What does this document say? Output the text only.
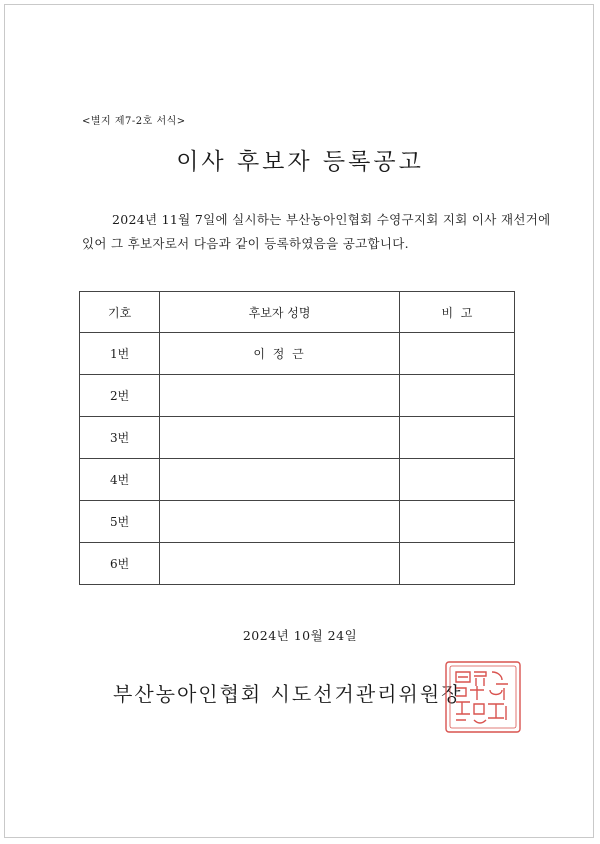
<별지 제7-2호 서식>
이사 후보자 등록공고
2024년 11월 7일에 실시하는 부산농아인협회 수영구지회 지회 이사 재선거에 있어 그 후보자로서 다음과 같이 등록하였음을 공고합니다.
기호	후보자 성명	비  고
1번	이 정 근	
2번		
3번		
4번		
5번		
6번		
2024년 10월 24일
부산농아인협회 시도선거관리위원장
